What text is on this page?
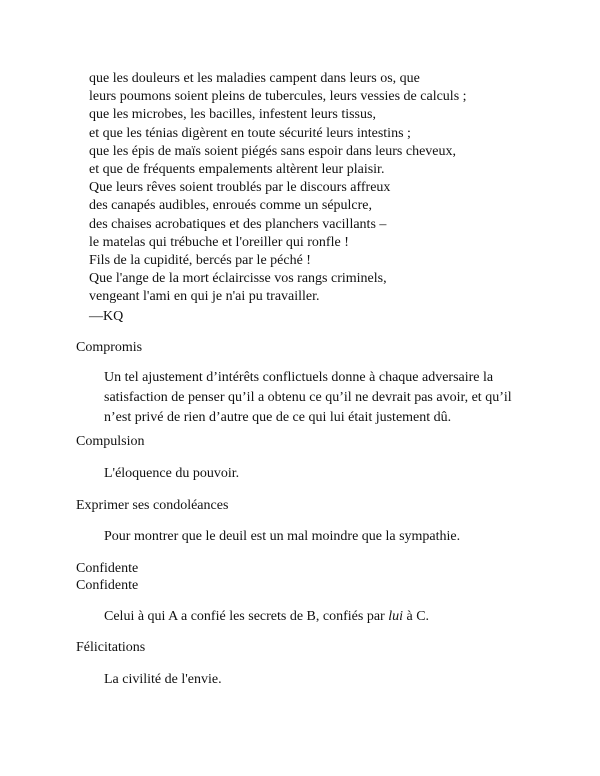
que les douleurs et les maladies campent dans leurs os, que
leurs poumons soient pleins de tubercules, leurs vessies de calculs ;
que les microbes, les bacilles, infestent leurs tissus,
et que les ténias digèrent en toute sécurité leurs intestins ;
que les épis de maïs soient piégés sans espoir dans leurs cheveux,
et que de fréquents empalements altèrent leur plaisir.
Que leurs rêves soient troublés par le discours affreux
des canapés audibles, enroués comme un sépulcre,
des chaises acrobatiques et des planchers vacillants –
le matelas qui trébuche et l'oreiller qui ronfle !
Fils de la cupidité, bercés par le péché !
Que l'ange de la mort éclaircisse vos rangs criminels,
vengeant l'ami en qui je n'ai pu travailler.
—KQ
Compromis
Un tel ajustement d’intérêts conflictuels donne à chaque adversaire la satisfaction de penser qu’il a obtenu ce qu’il ne devrait pas avoir, et qu’il n’est privé de rien d’autre que de ce qui lui était justement dû.
Compulsion
L'éloquence du pouvoir.
Exprimer ses condoléances
Pour montrer que le deuil est un mal moindre que la sympathie.
Confidente
Confidente
Celui à qui A a confié les secrets de B, confiés par lui à C.
Félicitations
La civilité de l'envie.
